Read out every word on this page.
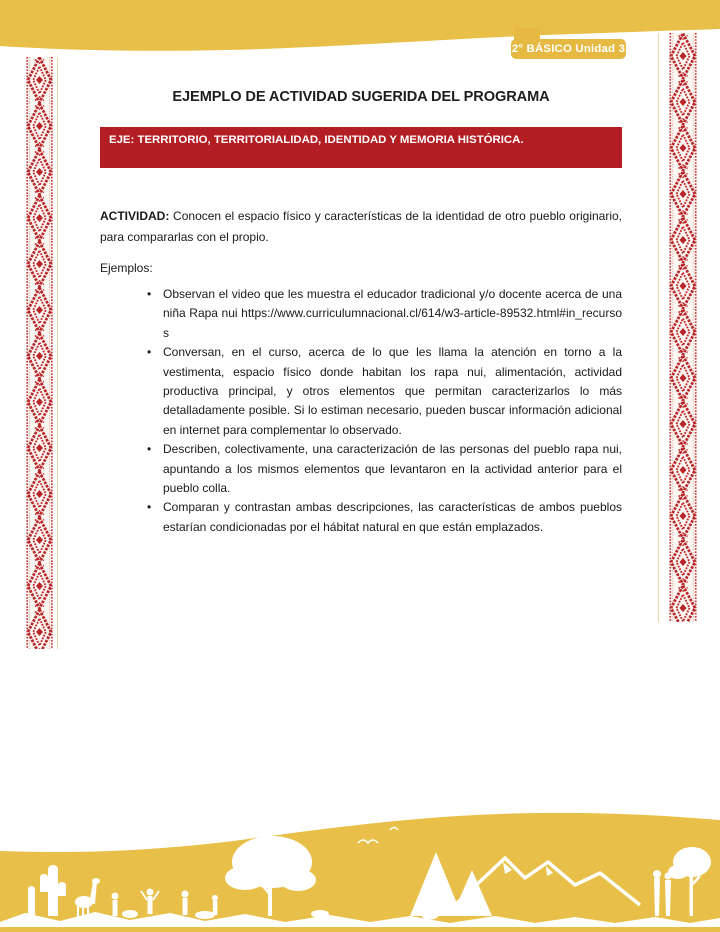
2° BÁSICO Unidad 3
EJEMPLO DE ACTIVIDAD SUGERIDA DEL PROGRAMA
EJE: TERRITORIO, TERRITORIALIDAD, IDENTIDAD Y MEMORIA HISTÓRICA.

ACTIVIDAD: Conocen el espacio físico y características de la identidad de otro pueblo originario, para compararlas con el propio.

Ejemplos:

• Observan el video que les muestra el educador tradicional y/o docente acerca de una niña Rapa nui https://www.curriculumnacional.cl/614/w3-article-89532.html#in_recursos
• Conversan, en el curso, acerca de lo que les llama la atención en torno a la vestimenta, espacio físico donde habitan los rapa nui, alimentación, actividad productiva principal, y otros elementos que permitan caracterizarlos lo más detalladamente posible. Si lo estiman necesario, pueden buscar información adicional en internet para complementar lo observado.
• Describen, colectivamente, una caracterización de las personas del pueblo rapa nui, apuntando a los mismos elementos que levantaron en la actividad anterior para el pueblo colla.
• Comparan y contrastan ambas descripciones, las características de ambos pueblos estarían condicionadas por el hábitat natural en que están emplazados.
